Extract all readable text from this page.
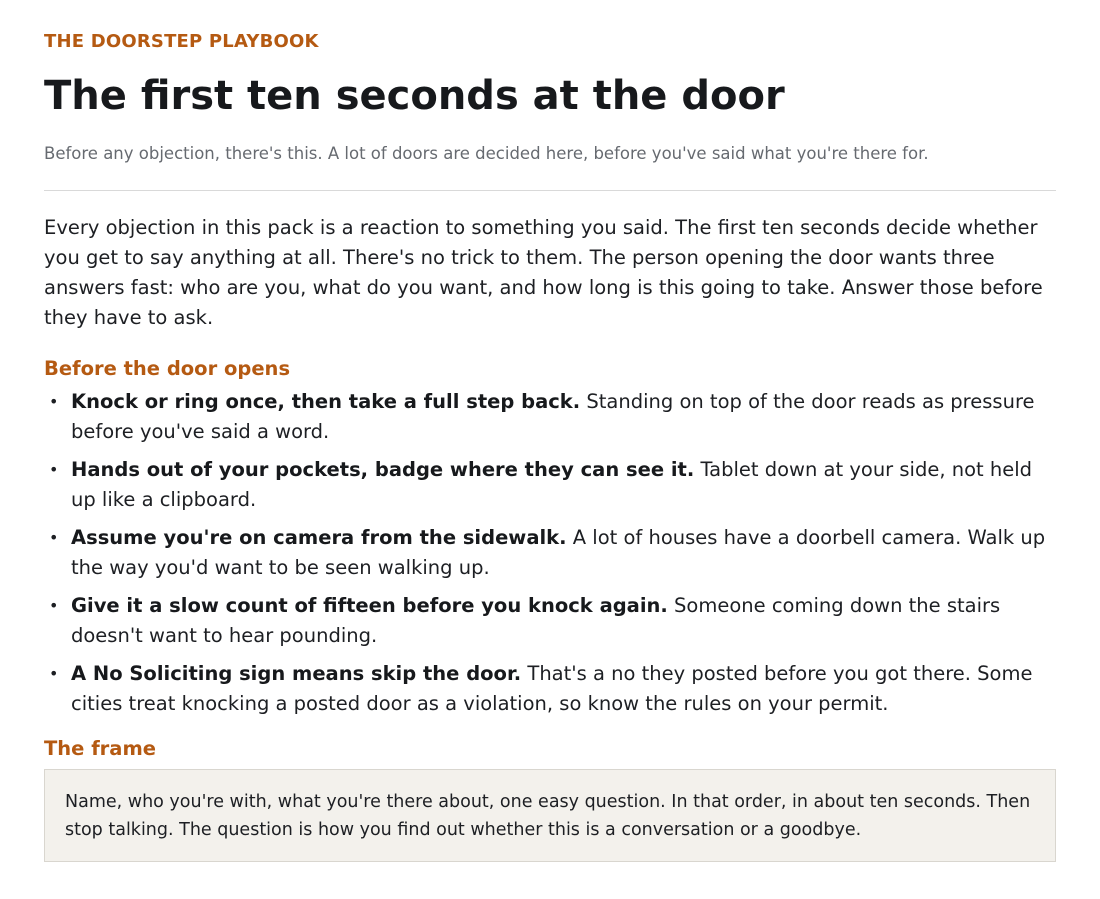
THE DOORSTEP PLAYBOOK

The first ten seconds at the door

Before any objection, there's this. A lot of doors are decided here, before you've said what you're there for.

Every objection in this pack is a reaction to something you said. The first ten seconds decide whether you get to say anything at all. There's no trick to them. The person opening the door wants three answers fast: who are you, what do you want, and how long is this going to take. Answer those before they have to ask.

Before the door opens
• Knock or ring once, then take a full step back. Standing on top of the door reads as pressure before you've said a word.
• Hands out of your pockets, badge where they can see it. Tablet down at your side, not held up like a clipboard.
• Assume you're on camera from the sidewalk. A lot of houses have a doorbell camera. Walk up the way you'd want to be seen walking up.
• Give it a slow count of fifteen before you knock again. Someone coming down the stairs doesn't want to hear pounding.
• A No Soliciting sign means skip the door. That's a no they posted before you got there. Some cities treat knocking a posted door as a violation, so know the rules on your permit.
The frame
Name, who you're with, what you're there about, one easy question. In that order, in about ten seconds. Then stop talking. The question is how you find out whether this is a conversation or a goodbye.
